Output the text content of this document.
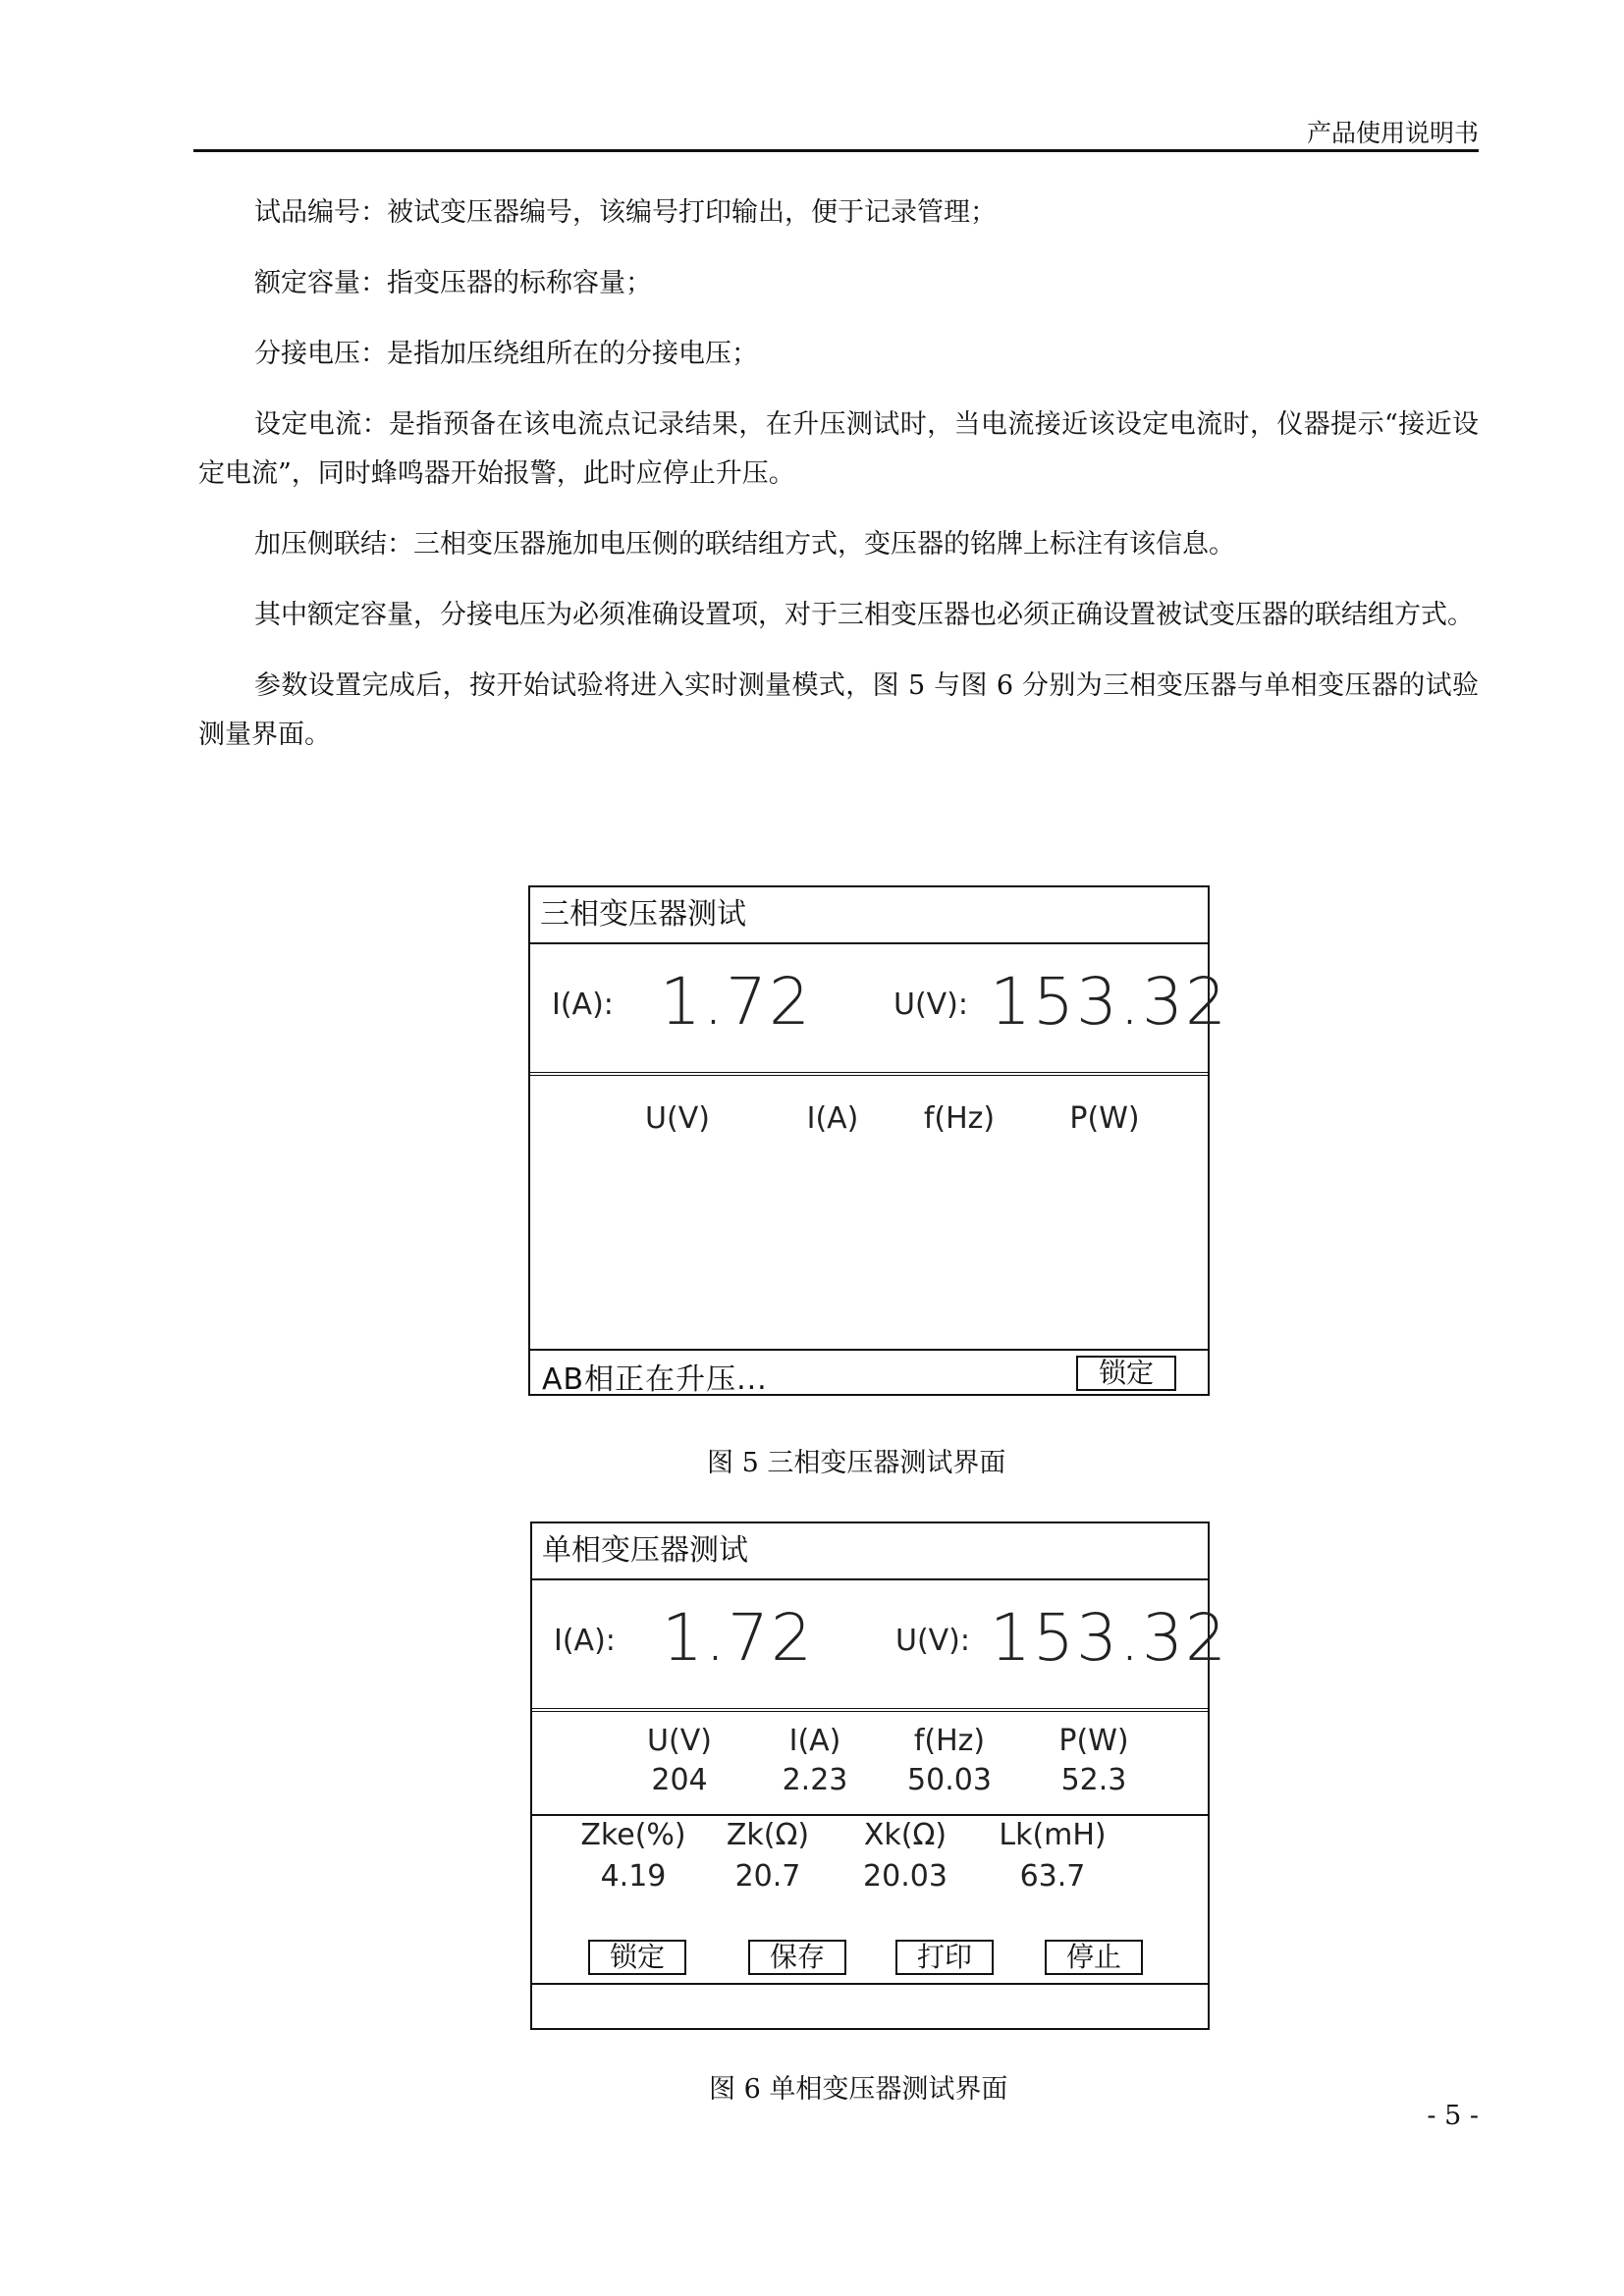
产品使用说明书

试品编号：被试变压器编号，该编号打印输出，便于记录管理；

额定容量：指变压器的标称容量；

分接电压：是指加压绕组所在的分接电压；

设定电流：是指预备在该电流点记录结果，在升压测试时，当电流接近该设定电流时，仪器提示“接近设定电流”，同时蜂鸣器开始报警，此时应停止升压。

加压侧联结：三相变压器施加电压侧的联结组方式，变压器的铭牌上标注有该信息。

其中额定容量，分接电压为必须准确设置项，对于三相变压器也必须正确设置被试变压器的联结组方式。

参数设置完成后，按开始试验将进入实时测量模式，图 5 与图 6 分别为三相变压器与单相变压器的试验测量界面。

三相变压器测试
I(A): 1.72	U(V): 153.32
U(V)	I(A)	f(Hz)	P(W)
AB相正在升压...	锁定
图 5 三相变压器测试界面
单相变压器测试
I(A): 1.72	U(V): 153.32
U(V)	I(A)	f(Hz)	P(W)
204	2.23	50.03	52.3
Zke(%)	Zk(Ω)	Xk(Ω)	Lk(mH)
4.19	20.7	20.03	63.7
锁定	保存	打印	停止
图 6 单相变压器测试界面
- 5 -
